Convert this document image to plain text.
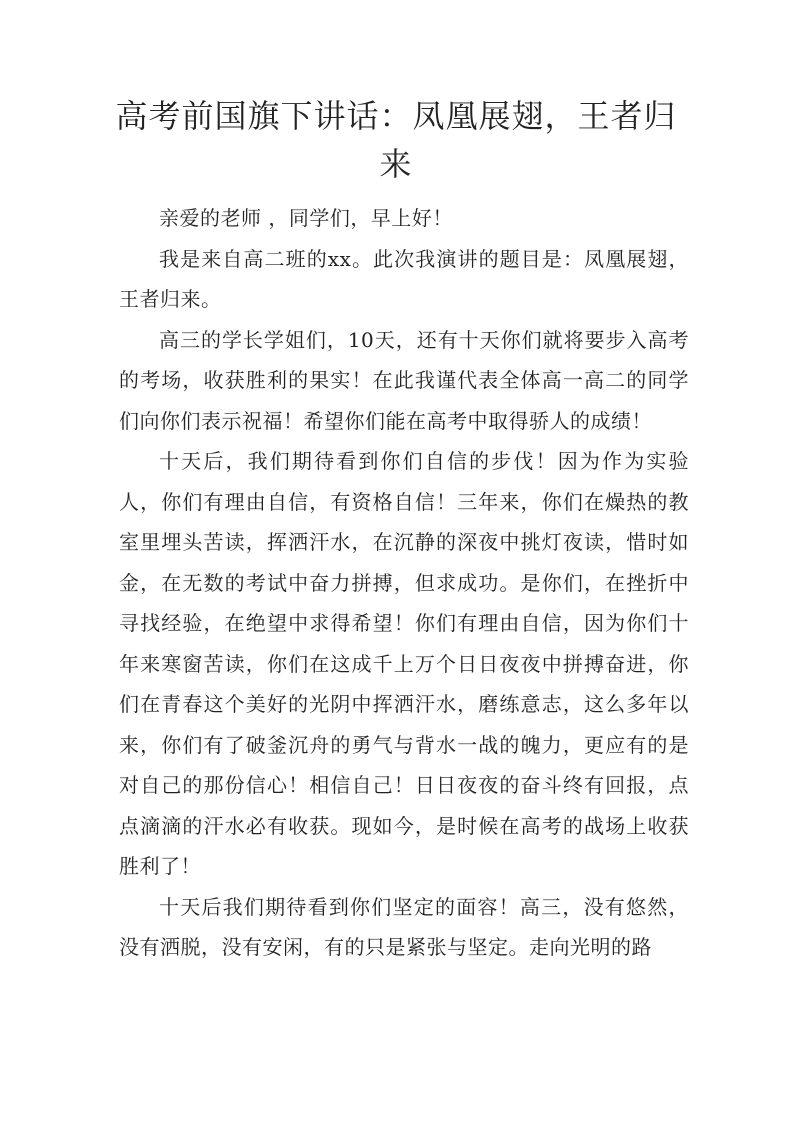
高考前国旗下讲话：凤凰展翅，王者归来

亲爱的老师 ，同学们，早上好！

我是来自高二班的xx。此次我演讲的题目是：凤凰展翅，王者归来。

高三的学长学姐们，10天，还有十天你们就将要步入高考的考场，收获胜利的果实！在此我谨代表全体高一高二的同学们向你们表示祝福！希望你们能在高考中取得骄人的成绩！

十天后，我们期待看到你们自信的步伐！因为作为实验人，你们有理由自信，有资格自信！三年来，你们在燥热的教室里埋头苦读，挥洒汗水，在沉静的深夜中挑灯夜读，惜时如金，在无数的考试中奋力拼搏，但求成功。是你们，在挫折中寻找经验，在绝望中求得希望！你们有理由自信，因为你们十年来寒窗苦读，你们在这成千上万个日日夜夜中拼搏奋进，你们在青春这个美好的光阴中挥洒汗水，磨练意志，这么多年以来，你们有了破釜沉舟的勇气与背水一战的魄力，更应有的是对自己的那份信心！相信自己！日日夜夜的奋斗终有回报，点点滴滴的汗水必有收获。现如今，是时候在高考的战场上收获胜利了！

十天后我们期待看到你们坚定的面容！高三，没有悠然，没有洒脱，没有安闲，有的只是紧张与坚定。走向光明的路
